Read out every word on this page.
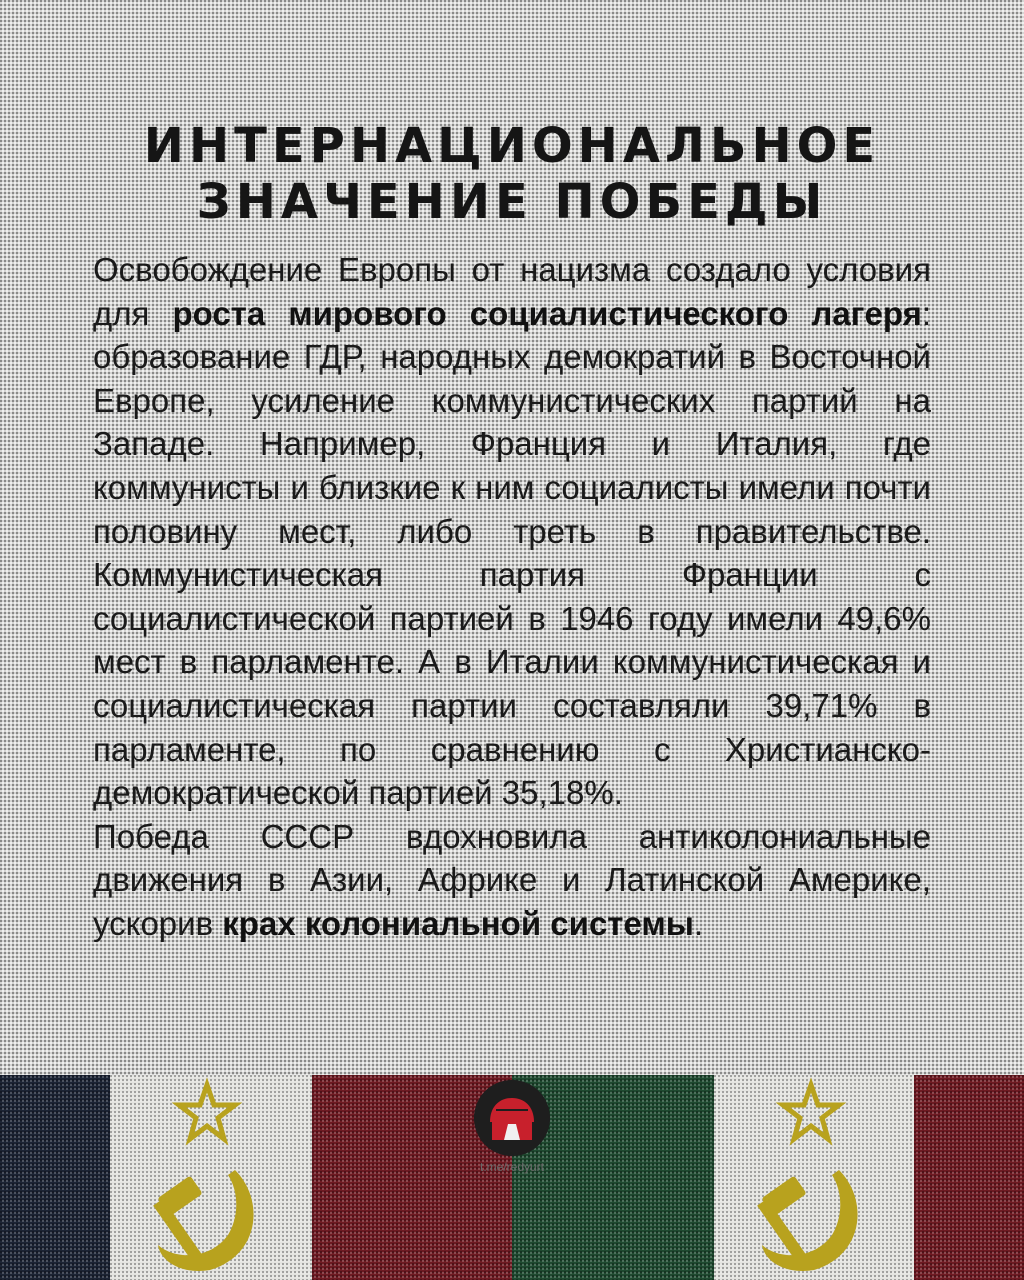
ИНТЕРНАЦИОНАЛЬНОЕ
ЗНАЧЕНИЕ ПОБЕДЫ

Освобождение Европы от нацизма создало условия для роста мирового социалистического лагеря: образование ГДР, народных демократий в Восточной Европе, усиление коммунистических партий на Западе. Например, Франция и Италия, где коммунисты и близкие к ним социалисты имели почти половину мест, либо треть в правительстве. Коммунистическая партия Франции с социалистической партией в 1946 году имели 49,6% мест в парламенте. А в Италии коммунистическая и социалистическая партии составляли 39,71% в парламенте, по сравнению с Христианско-демократической партией 35,18%.

Победа СССР вдохновила антиколониальные движения в Азии, Африке и Латинской Америке, ускорив крах колониальной системы.

t.me/redyurt
